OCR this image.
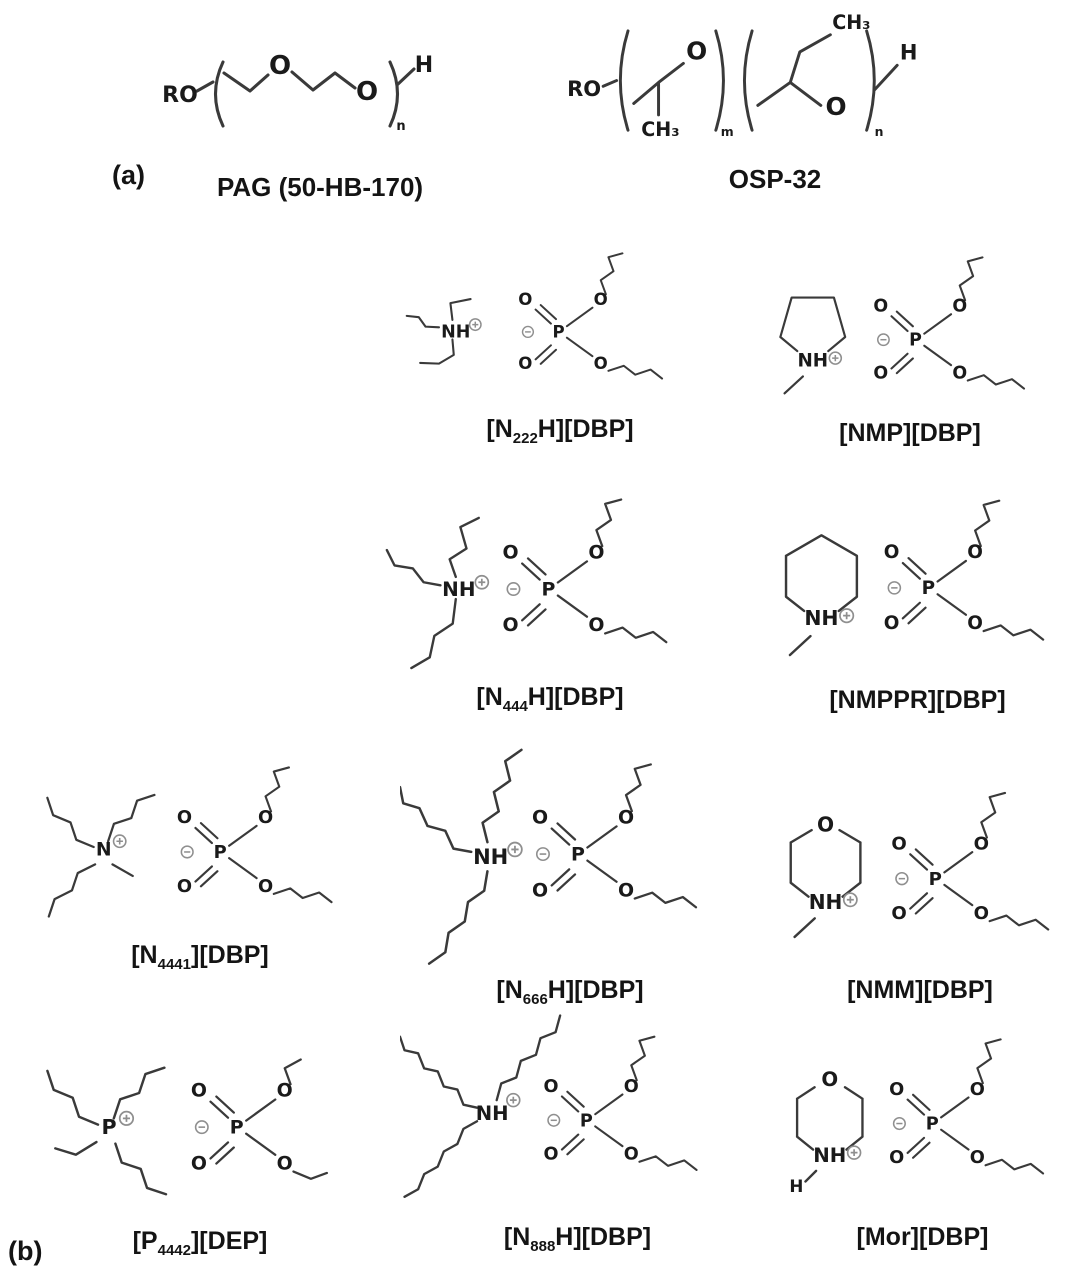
(a)
RO
O
O
n
H
PAG (50-HB-170)
RO
CH₃
O
m
CH₃
O
n
H
OSP-32
NH
O
O
O
O
P
$[N_{222}H][DBP]$
NH
O
O
O
O
P
[NMP][DBP]
NH
O
O
O
O
P
$[N_{444}H][DBP]$
NH
O
O
O
O
P
[NMPPR][DBP]
N
O
O
O
O
P
$[N_{4441}][DBP]$
NH
O
O
O
O
P
$[N_{666}H][DBP]$
O
NH
O
O
O
O
P
[NMM][DBP]
P
O
O
O
O
P
$[P_{4442}][DEP]$
NH
O
O
O
O
P
$[N_{888}H][DBP]$
O
NH
H
O
O
O
O
P
[Mor][DBP]
(b)
